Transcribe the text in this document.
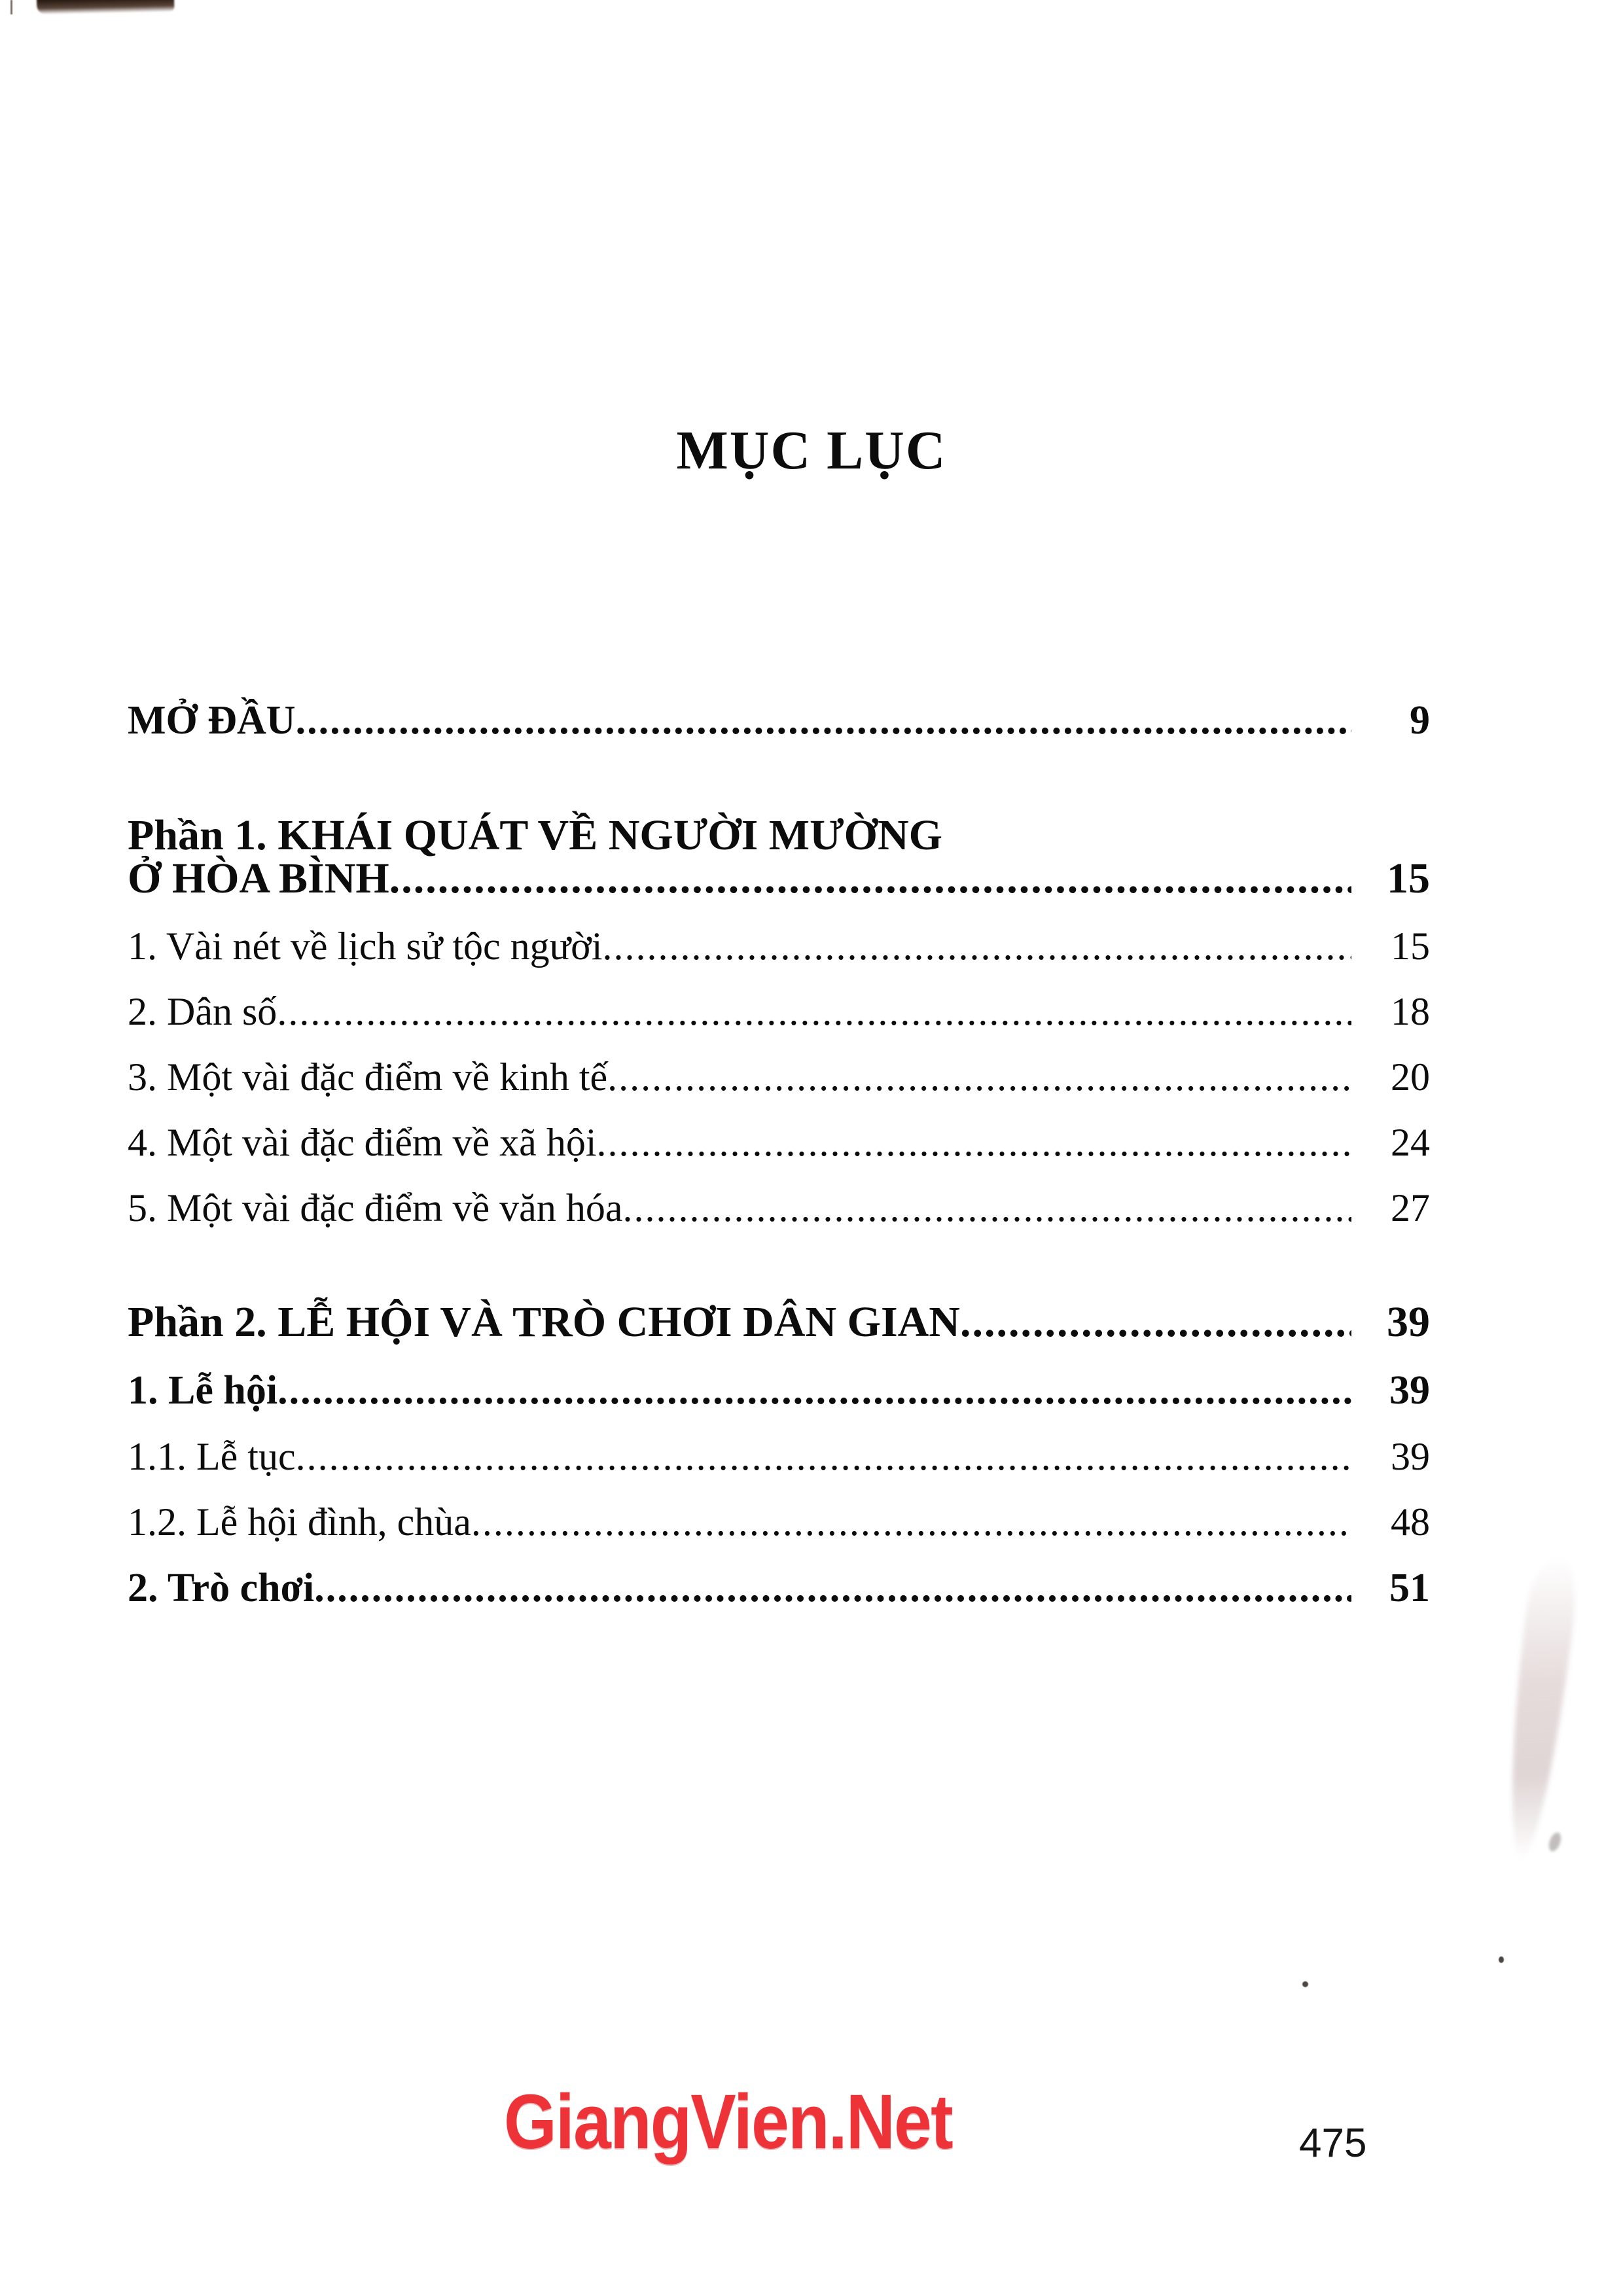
MỤC LỤC
MỞ ĐẦU .....	9
Phần 1. KHÁI QUÁT VỀ NGƯỜI MƯỜNG
Ở HÒA BÌNH .....	15
1. Vài nét về lịch sử tộc người .....	15
2. Dân số .....	18
3. Một vài đặc điểm về kinh tế .....	20
4. Một vài đặc điểm về xã hội .....	24
5. Một vài đặc điểm về văn hóa .....	27
Phần 2. LỄ HỘI VÀ TRÒ CHƠI DÂN GIAN .....	39
1. Lễ hội .....	39
1.1. Lễ tục .....	39
1.2. Lễ hội đình, chùa .....	48
2. Trò chơi .....	51
GiangVien.Net	475
